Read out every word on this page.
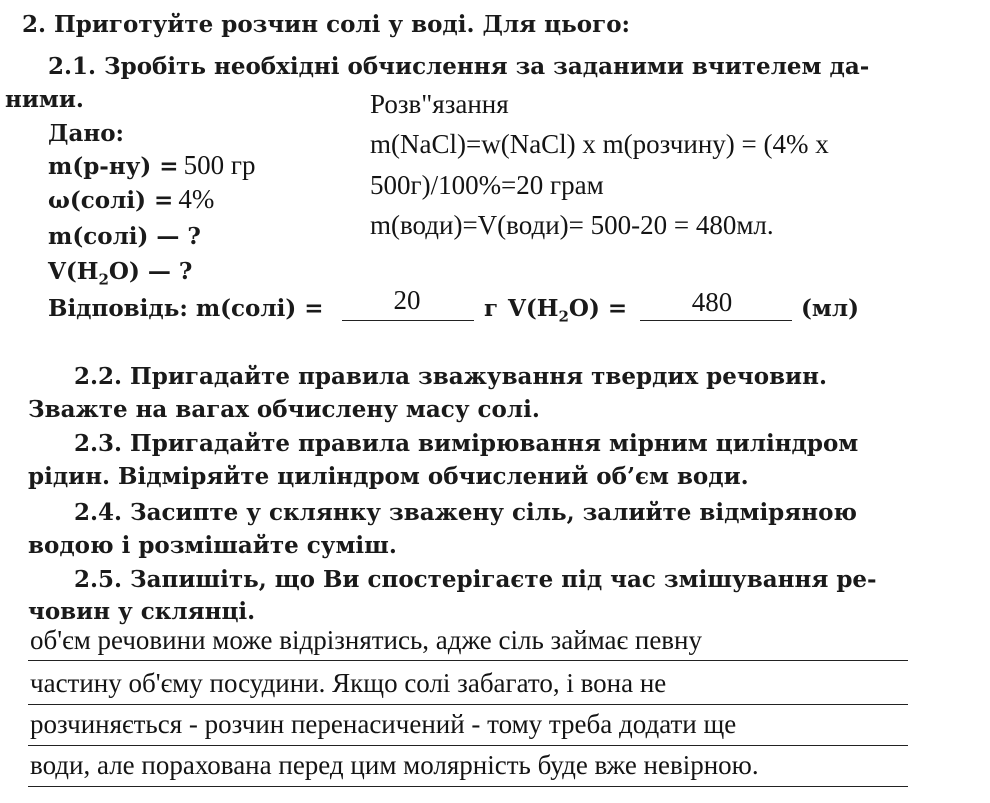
2. Приготуйте розчин солі у воді. Для цього:
2.1. Зробіть необхідні обчислення за заданими вчителем да-
ними.
Дано:
m(р-ну) = 500 гр
ω(солі) = 4%
m(солі) — ?
$V(H_2O)$ — ?
Розв"язання
m(NaCl)=w(NaCl) x m(розчину) = (4% x
500г)/100%=20 грам
m(води)=V(води)= 500-20 = 480мл.
Відповідь: m(солі) =	20	г $V(H_2O)$ =	480	(мл)
2.2. Пригадайте правила зважування твердих речовин.
Зважте на вагах обчислену масу солі.
2.3. Пригадайте правила вимірювання мірним циліндром
рідин. Відміряйте циліндром обчислений об’єм води.
2.4. Засипте у склянку зважену сіль, залийте відміряною
водою і розмішайте суміш.
2.5. Запишіть, що Ви спостерігаєте під час змішування ре-
човин у склянці.
об'єм речовини може відрізнятись, адже сіль займає певну
частину об'єму посудини. Якщо солі забагато, і вона не
розчиняється - розчин перенасичений - тому треба додати ще
води, але порахована перед цим молярність буде вже невірною.
